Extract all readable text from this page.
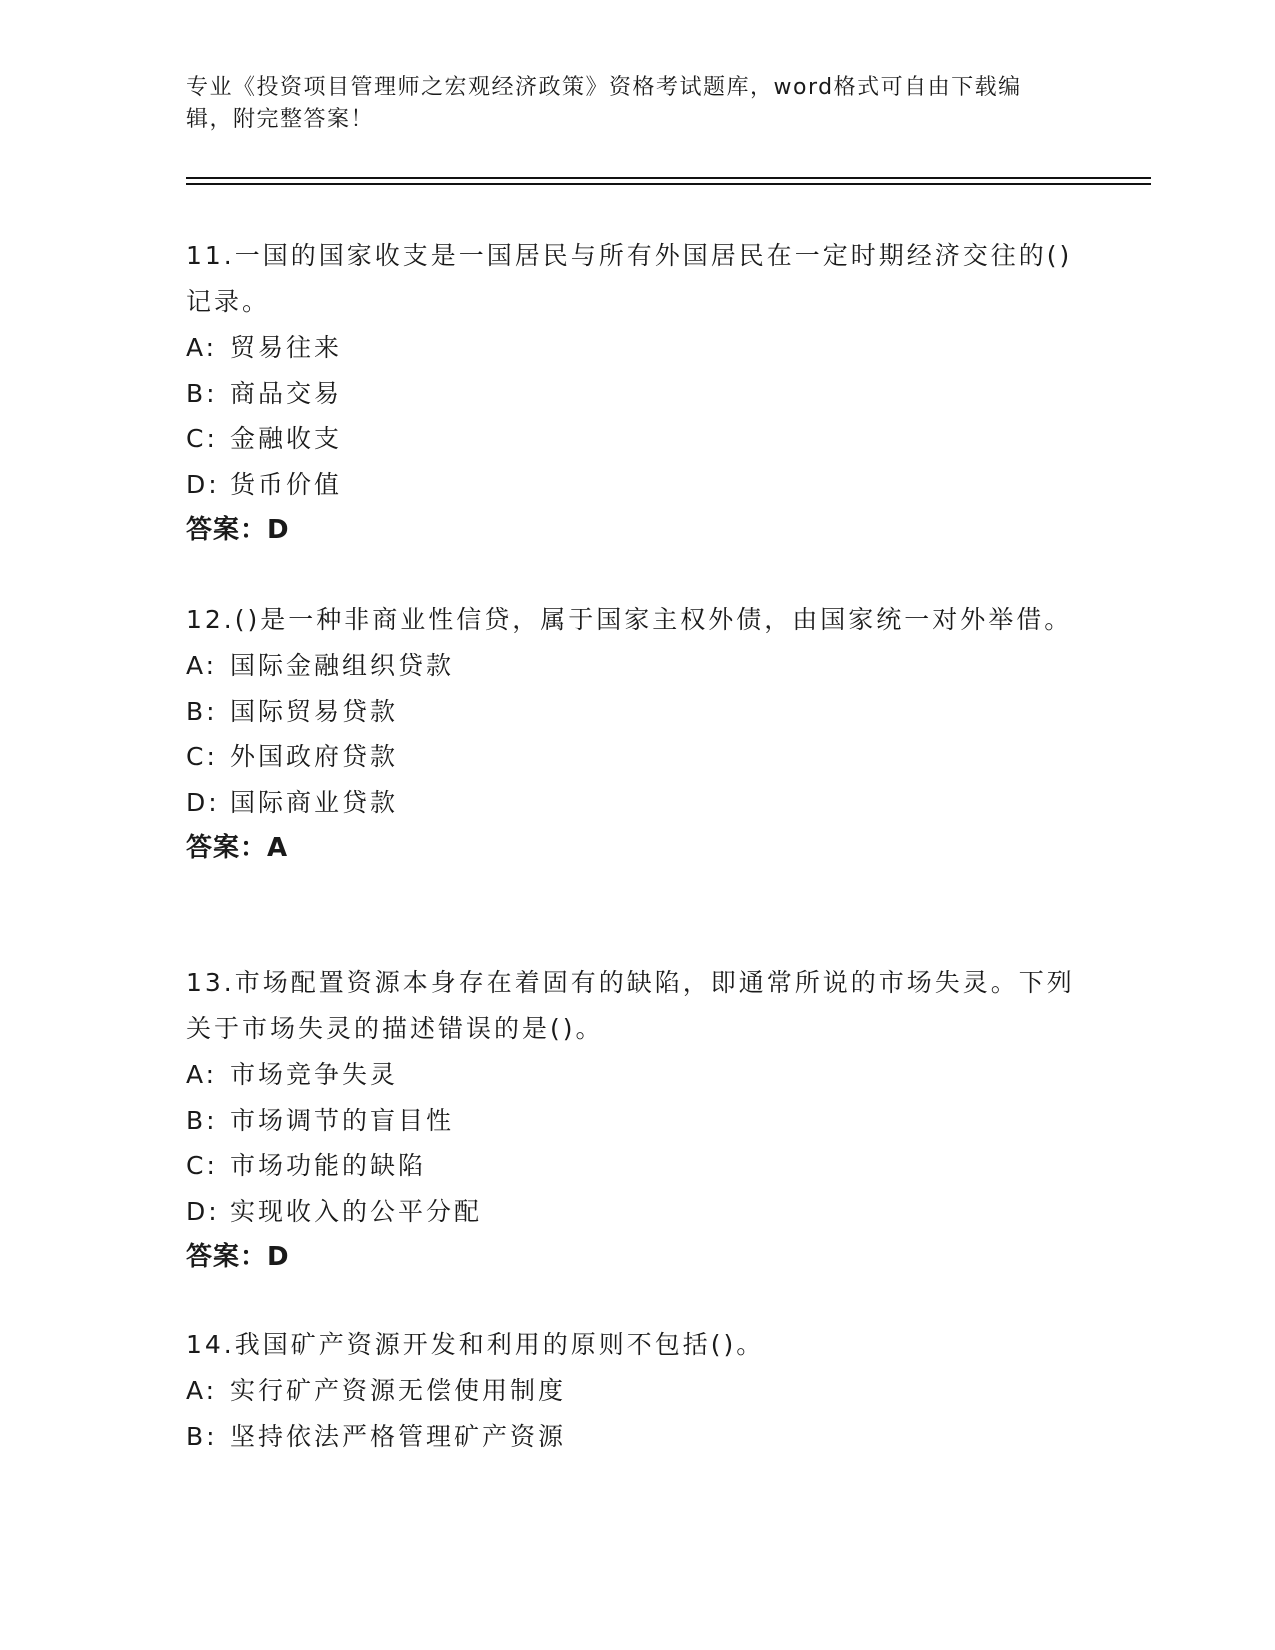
专业《投资项目管理师之宏观经济政策》资格考试题库，word格式可自由下载编辑，附完整答案！

11.一国的国家收支是一国居民与所有外国居民在一定时期经济交往的()记录。

A: 贸易往来
B: 商品交易
C: 金融收支
D: 货币价值
答案：D

12.()是一种非商业性信贷，属于国家主权外债，由国家统一对外举借。

A: 国际金融组织贷款
B: 国际贸易贷款
C: 外国政府贷款
D: 国际商业贷款
答案：A

13.市场配置资源本身存在着固有的缺陷，即通常所说的市场失灵。下列关于市场失灵的描述错误的是()。

A: 市场竞争失灵
B: 市场调节的盲目性
C: 市场功能的缺陷
D: 实现收入的公平分配
答案：D

14.我国矿产资源开发和利用的原则不包括()。

A: 实行矿产资源无偿使用制度
B: 坚持依法严格管理矿产资源
